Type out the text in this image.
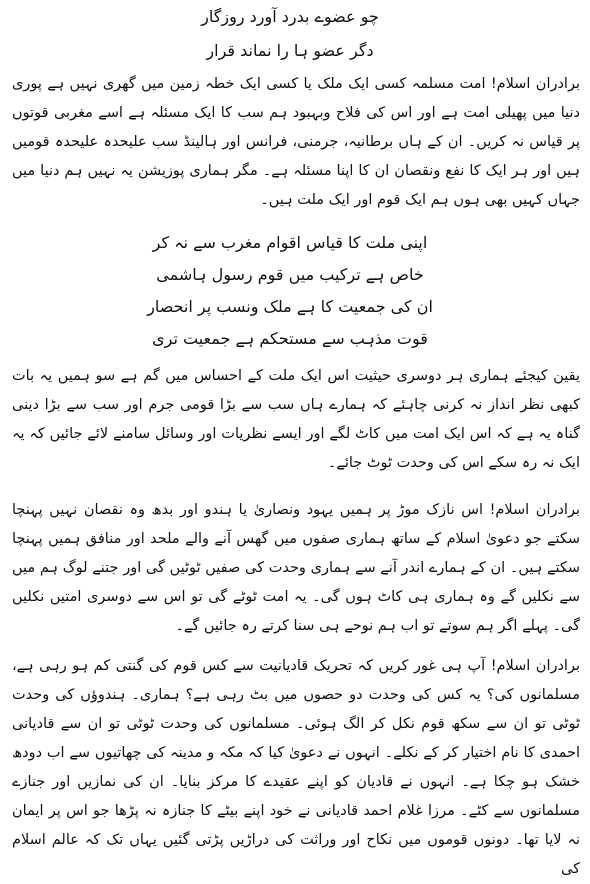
چو عضوے بدرد آورد روزگار
دگر عضو ہا را نماند قرار

برادران اسلام! امت مسلمہ کسی ایک ملک یا کسی ایک خطہ زمین میں گھری نہیں ہے پوری دنیا میں پھیلی امت ہے اور اس کی فلاح وبہبود ہم سب کا ایک مسئلہ ہے اسے مغربی قوتوں پر قیاس نہ کریں۔ ان کے ہاں برطانیہ، جرمنی، فرانس اور ہالینڈ سب علیحدہ علیحدہ قومیں ہیں اور ہر ایک کا نفع ونقصان ان کا اپنا مسئلہ ہے۔ مگر ہماری پوزیشن یہ نہیں ہم دنیا میں جہاں کہیں بھی ہوں ہم ایک قوم اور ایک ملت ہیں۔

اپنی ملت کا قیاس اقوام مغرب سے نہ کر
خاص ہے ترکیب میں قوم رسول ہاشمی
ان کی جمعیت کا ہے ملک ونسب پر انحصار
قوت مذہب سے مستحکم ہے جمعیت تری

یقین کیجئے ہماری ہر دوسری حیثیت اس ایک ملت کے احساس میں گم ہے سو ہمیں یہ بات کبھی نظر انداز نہ کرنی چاہئے کہ ہمارے ہاں سب سے بڑا قومی جرم اور سب سے بڑا دینی گناہ یہ ہے کہ اس ایک امت میں کاٹ لگے اور ایسے نظریات اور وسائل سامنے لائے جائیں کہ یہ ایک نہ رہ سکے اس کی وحدت ٹوٹ جائے۔

برادران اسلام! اس نازک موڑ پر ہمیں یہود ونصاریٰ یا ہندو اور بدھ وہ نقصان نہیں پہنچا سکتے جو دعویٰ اسلام کے ساتھ ہماری صفوں میں گھس آنے والے ملحد اور منافق ہمیں پہنچا سکتے ہیں۔ ان کے ہمارے اندر آنے سے ہماری وحدت کی صفیں ٹوٹیں گی اور جتنے لوگ ہم میں سے نکلیں گے وہ ہماری ہی کاٹ ہوں گی۔ یہ امت ٹوٹے گی تو اس سے دوسری امتیں نکلیں گی۔ پہلے اگر ہم سوتے تو اب ہم نوحے ہی سنا کرتے رہ جائیں گے۔

برادران اسلام! آپ ہی غور کریں کہ تحریک قادیانیت سے کس قوم کی گنتی کم ہو رہی ہے، مسلمانوں کی؟ یہ کس کی وحدت دو حصوں میں بٹ رہی ہے؟ ہماری۔ ہندوؤں کی وحدت ٹوٹی تو ان سے سکھ قوم نکل کر الگ ہوئی۔ مسلمانوں کی وحدت ٹوٹی تو ان سے قادیانی احمدی کا نام اختیار کر کے نکلے۔ انہوں نے دعویٰ کیا کہ مکہ و مدینہ کی چھاتیوں سے اب دودھ خشک ہو چکا ہے۔ انہوں نے قادیان کو اپنے عقیدے کا مرکز بنایا۔ ان کی نمازیں اور جنازے مسلمانوں سے کٹے۔ مرزا غلام احمد قادیانی نے خود اپنے بیٹے کا جنازہ نہ پڑھا جو اس پر ایمان نہ لایا تھا۔ دونوں قوموں میں نکاح اور وراثت کی دراڑیں پڑتی گئیں یہاں تک کہ عالم اسلام کی
